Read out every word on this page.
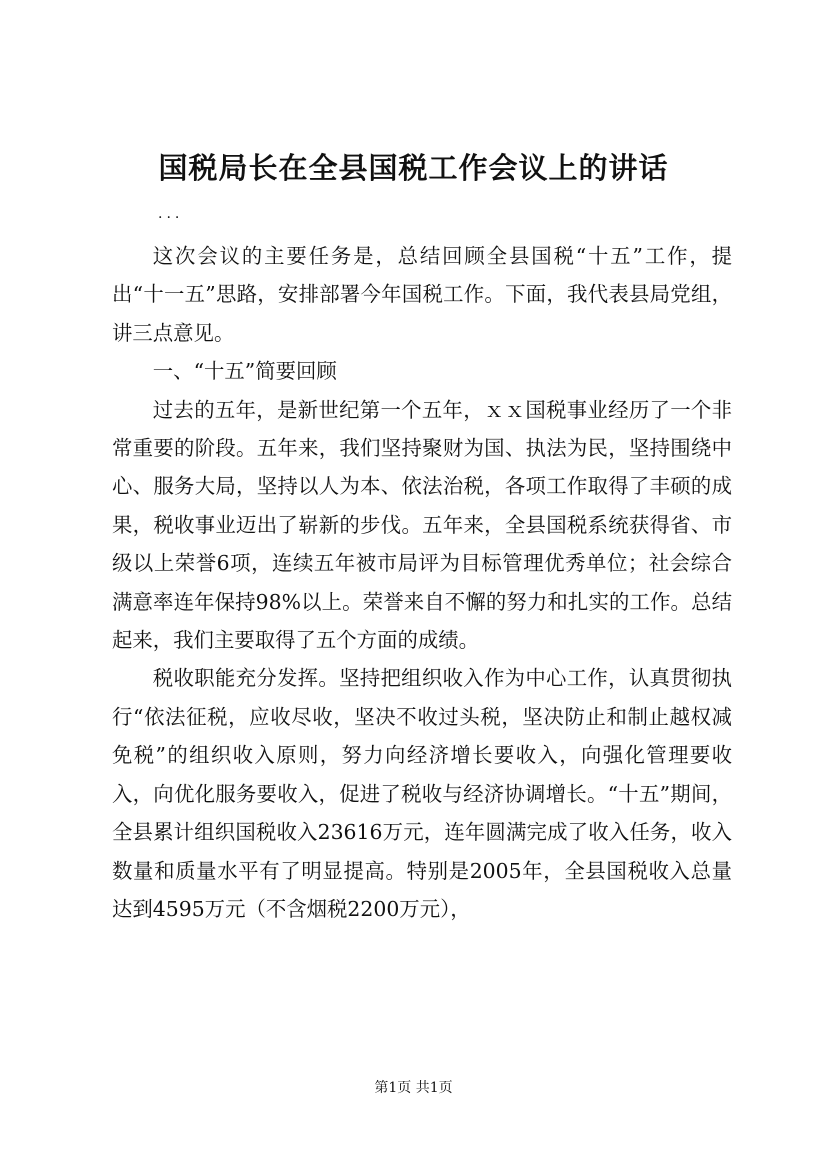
国税局长在全县国税工作会议上的讲话
...

这次会议的主要任务是，总结回顾全县国税“十五”工作，提出“十一五”思路，安排部署今年国税工作。下面，我代表县局党组，讲三点意见。

一、“十五”简要回顾

过去的五年，是新世纪第一个五年，ｘｘ国税事业经历了一个非常重要的阶段。五年来，我们坚持聚财为国、执法为民，坚持围绕中心、服务大局，坚持以人为本、依法治税，各项工作取得了丰硕的成果，税收事业迈出了崭新的步伐。五年来，全县国税系统获得省、市级以上荣誉6项，连续五年被市局评为目标管理优秀单位；社会综合满意率连年保持98%以上。荣誉来自不懈的努力和扎实的工作。总结起来，我们主要取得了五个方面的成绩。

税收职能充分发挥。坚持把组织收入作为中心工作，认真贯彻执行“依法征税，应收尽收，坚决不收过头税，坚决防止和制止越权减免税”的组织收入原则，努力向经济增长要收入，向强化管理要收入，向优化服务要收入，促进了税收与经济协调增长。“十五”期间，全县累计组织国税收入23616万元，连年圆满完成了收入任务，收入数量和质量水平有了明显提高。特别是2005年，全县国税收入总量达到4595万元（不含烟税2200万元），

第1页 共1页
